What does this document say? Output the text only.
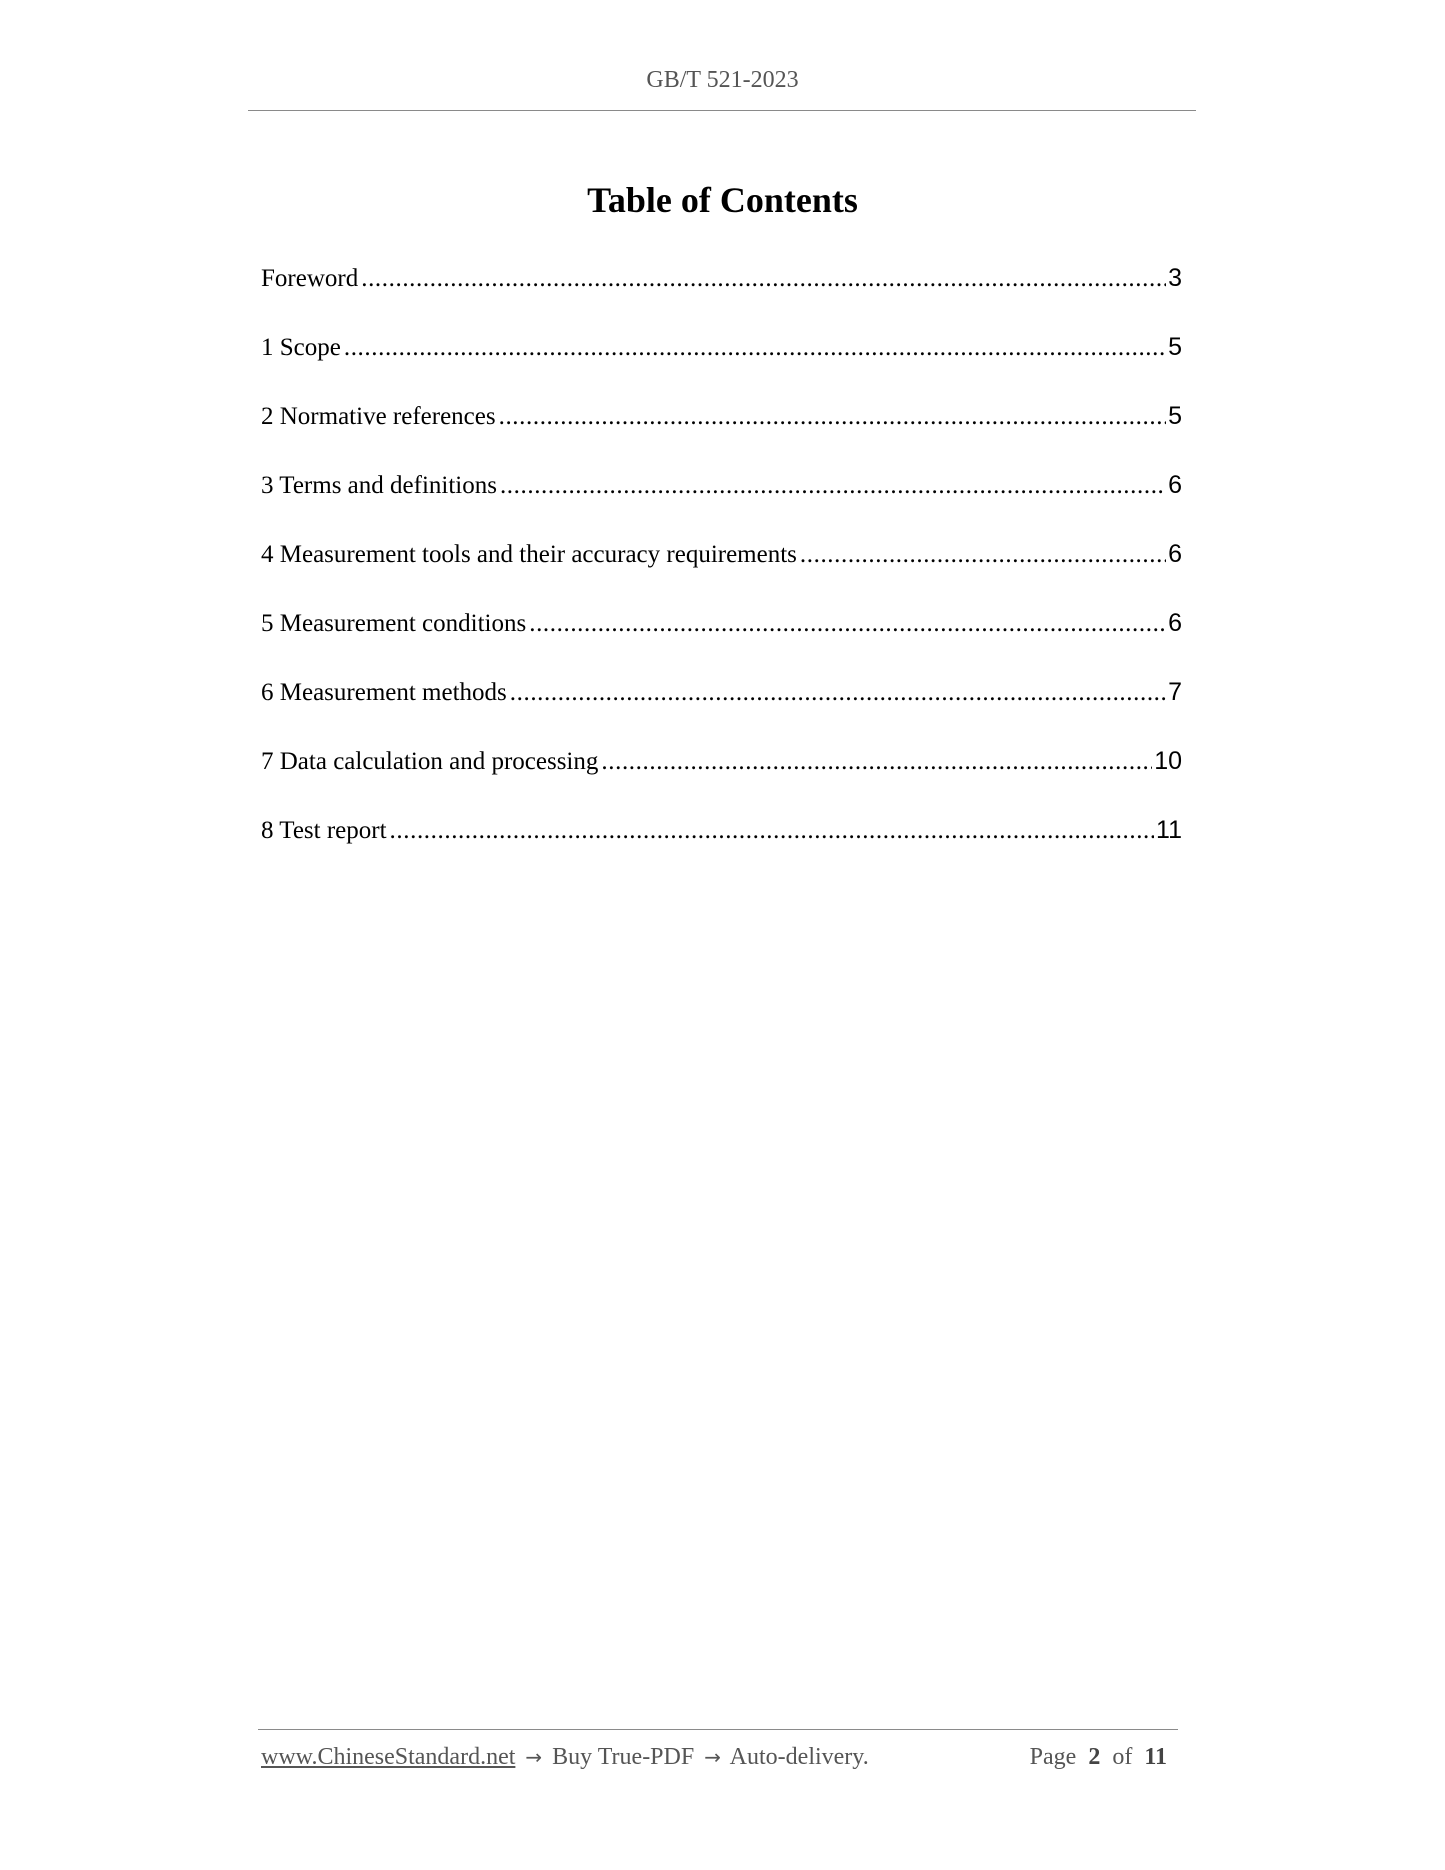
GB/T 521-2023
Table of Contents
Foreword .....	3
1 Scope .....	5
2 Normative references .....	5
3 Terms and definitions .....	6
4 Measurement tools and their accuracy requirements .....	6
5 Measurement conditions .....	6
6 Measurement methods .....	7
7 Data calculation and processing .....	10
8 Test report .....	11
www.ChineseStandard.net → Buy True-PDF → Auto-delivery.	Page 2 of 11
